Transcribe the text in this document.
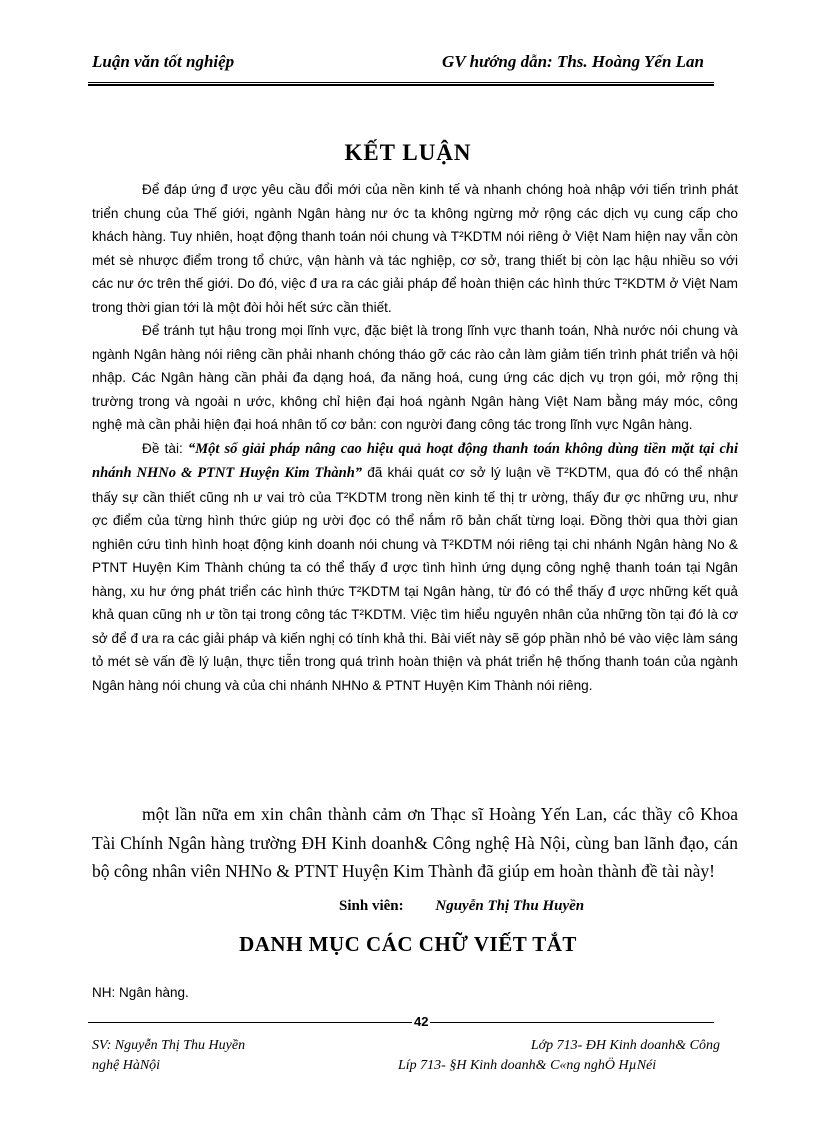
Luận văn tốt nghiệp	GV hướng dẫn: Ths. Hoàng Yến Lan
KẾT LUẬN

Để đáp ứng đ ược yêu cầu đổi mới của nền kinh tế và nhanh chóng hoà nhập với tiến trình phát triển chung của Thế giới, ngành Ngân hàng nư ớc ta không ngừng mở rộng các dịch vụ cung cấp cho khách hàng. Tuy nhiên, hoạt động thanh toán nói chung và T²KDTM nói riêng ở Việt Nam hiện nay vẫn còn mét sè nhược điểm trong tổ chức, vận hành và tác nghiệp, cơ sở, trang thiết bị còn lạc hậu nhiều so với các nư ớc trên thế giới. Do đó, việc đ ưa ra các giải pháp để hoàn thiện các hình thức T²KDTM ở Việt Nam trong thời gian tới là một đòi hỏi hết sức cần thiết.

Để tránh tụt hậu trong mọi lĩnh vực, đặc biệt là trong lĩnh vực thanh toán, Nhà nước nói chung và ngành Ngân hàng nói riêng cần phải nhanh chóng tháo gỡ các rào cản làm giảm tiến trình phát triển và hội nhập. Các Ngân hàng cần phải đa dạng hoá, đa năng hoá, cung ứng các dịch vụ trọn gói, mở rộng thị trường trong và ngoài n ước, không chỉ hiện đại hoá ngành Ngân hàng Việt Nam bằng máy móc, công nghệ mà cần phải hiện đại hoá nhân tố cơ bản: con người đang công tác trong lĩnh vực Ngân hàng.

Đề tài: “Một số giải pháp nâng cao hiệu quả hoạt động thanh toán không dùng tiền mặt tại chi nhánh NHNo & PTNT Huyện Kim Thành” đã khái quát cơ sở lý luận về T²KDTM, qua đó có thể nhận thấy sự cần thiết cũng nh ư vai trò của T²KDTM trong nền kinh tế thị tr ường, thấy đư ợc những ưu, như ợc điểm của từng hình thức giúp ng ười đọc có thể nắm rõ bản chất từng loại. Đồng thời qua thời gian nghiên cứu tình hình hoạt động kinh doanh nói chung và T²KDTM nói riêng tại chi nhánh Ngân hàng No & PTNT Huyện Kim Thành chúng ta có thể thấy đ ược tình hình ứng dụng công nghệ thanh toán tại Ngân hàng, xu hư ớng phát triển các hình thức T²KDTM tại Ngân hàng, từ đó có thể thấy đ ược những kết quả khả quan cũng nh ư tồn tại trong công tác T²KDTM. Việc tìm hiểu nguyên nhân của những tồn tại đó là cơ sở để đ ưa ra các giải pháp và kiến nghị có tính khả thi. Bài viết này sẽ góp phần nhỏ bé vào việc làm sáng tỏ mét sè vấn đề lý luận, thực tiễn trong quá trình hoàn thiện và phát triển hệ thống thanh toán của ngành Ngân hàng nói chung và của chi nhánh NHNo & PTNT Huyện Kim Thành nói riêng.

một lần nữa em xin chân thành cảm ơn Thạc sĩ Hoàng Yến Lan, các thầy cô Khoa Tài Chính Ngân hàng trường ĐH Kinh doanh& Công nghệ Hà Nội, cùng ban lãnh đạo, cán bộ công nhân viên NHNo & PTNT Huyện Kim Thành đã giúp em hoàn thành đề tài này!

Sinh viên: Nguyễn Thị Thu Huyền
DANH MỤC CÁC CHỮ VIẾT TẮT
NH: Ngân hàng.
42
SV: Nguyễn Thị Thu Huyền	Lớp 713- ĐH Kinh doanh& Công
nghệ HàNội	Líp 713- §H Kinh doanh& C«ng nghÖ HµNéi
